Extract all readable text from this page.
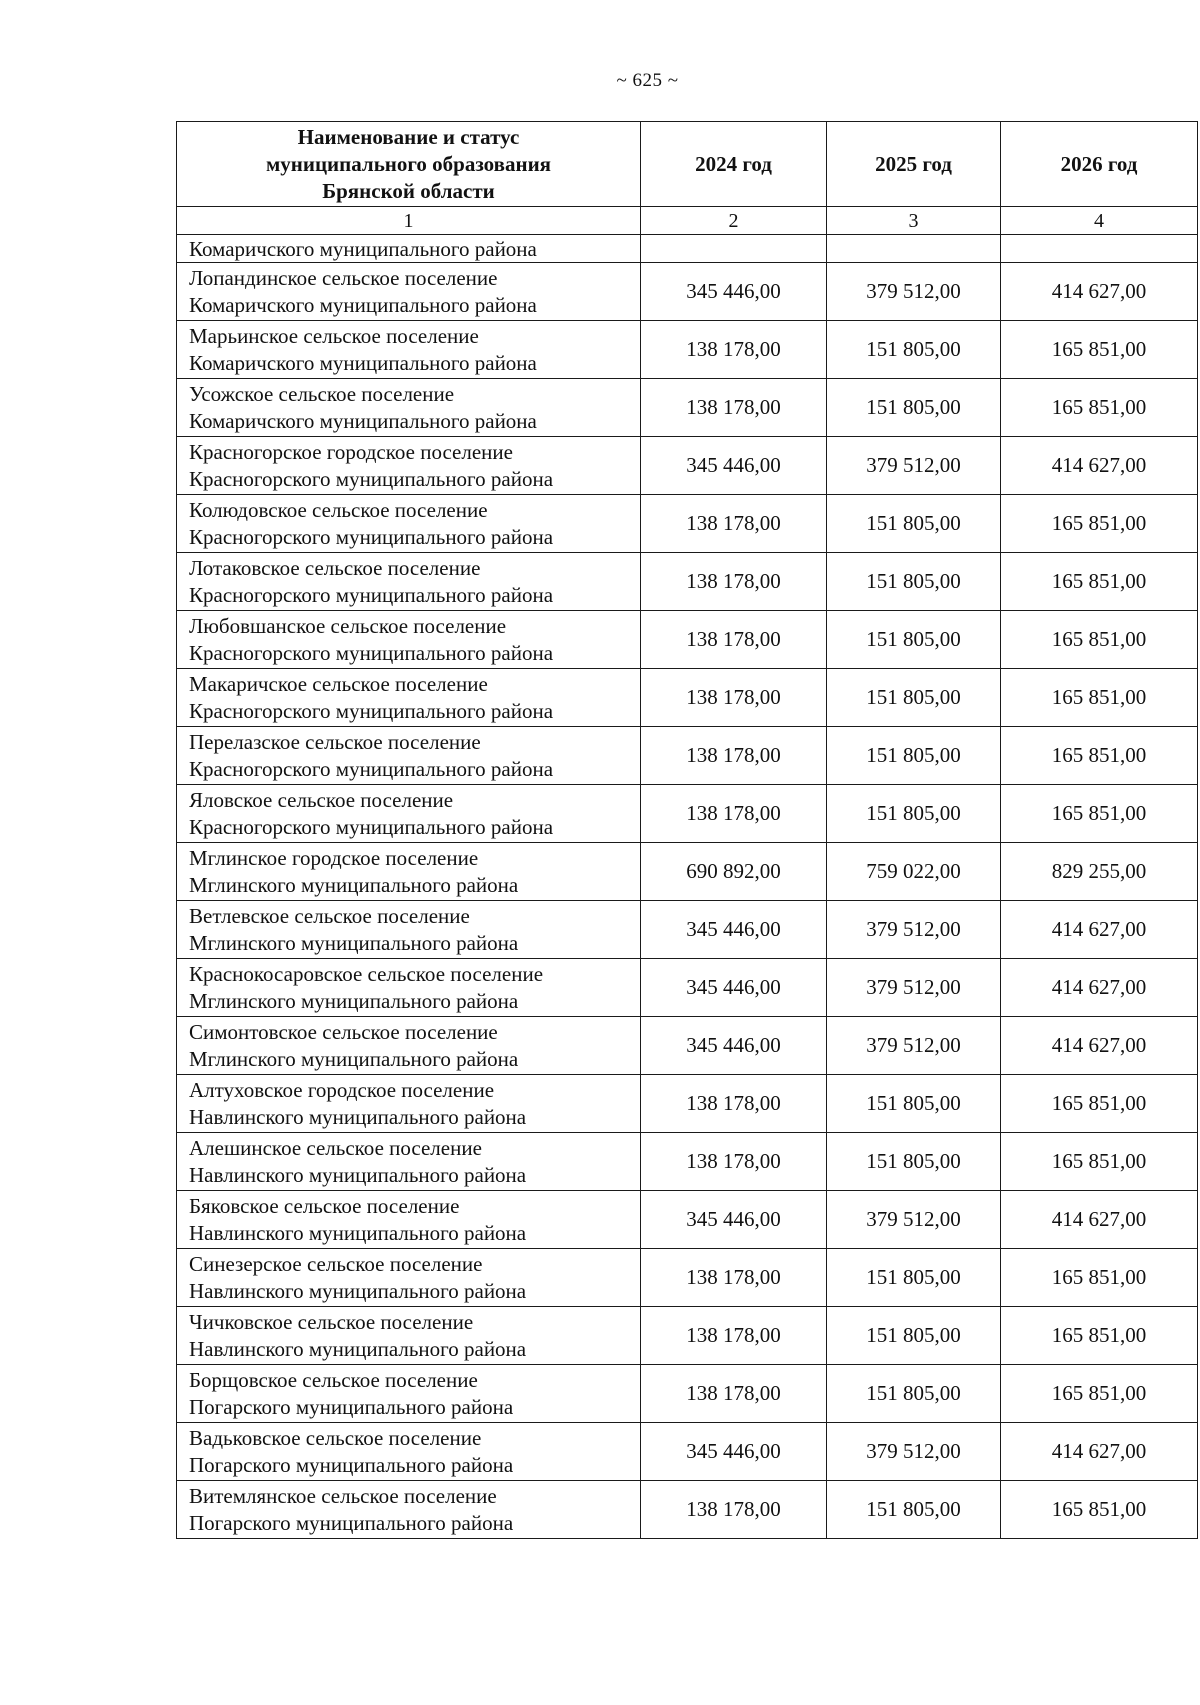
~ 625 ~
Наименование и статус
муниципального образования
Брянской области	2024 год	2025 год	2026 год
1	2	3	4
Комаричского муниципального района			

Лопандинское сельское поселение
Комаричского муниципального района	345 446,00	379 512,00	414 627,00

Марьинское сельское поселение
Комаричского муниципального района	138 178,00	151 805,00	165 851,00

Усожское сельское поселение
Комаричского муниципального района	138 178,00	151 805,00	165 851,00

Красногорское городское поселение
Красногорского муниципального района	345 446,00	379 512,00	414 627,00

Колюдовское сельское поселение
Красногорского муниципального района	138 178,00	151 805,00	165 851,00

Лотаковское сельское поселение
Красногорского муниципального района	138 178,00	151 805,00	165 851,00

Любовшанское сельское поселение
Красногорского муниципального района	138 178,00	151 805,00	165 851,00

Макаричское сельское поселение
Красногорского муниципального района	138 178,00	151 805,00	165 851,00

Перелазское сельское поселение
Красногорского муниципального района	138 178,00	151 805,00	165 851,00

Яловское сельское поселение
Красногорского муниципального района	138 178,00	151 805,00	165 851,00

Мглинское городское поселение
Мглинского муниципального района	690 892,00	759 022,00	829 255,00

Ветлевское сельское поселение
Мглинского муниципального района	345 446,00	379 512,00	414 627,00

Краснокосаровское сельское поселение
Мглинского муниципального района	345 446,00	379 512,00	414 627,00

Симонтовское сельское поселение
Мглинского муниципального района	345 446,00	379 512,00	414 627,00

Алтуховское городское поселение
Навлинского муниципального района	138 178,00	151 805,00	165 851,00

Алешинское сельское поселение
Навлинского муниципального района	138 178,00	151 805,00	165 851,00

Бяковское сельское поселение
Навлинского муниципального района	345 446,00	379 512,00	414 627,00

Синезерское сельское поселение
Навлинского муниципального района	138 178,00	151 805,00	165 851,00

Чичковское сельское поселение
Навлинского муниципального района	138 178,00	151 805,00	165 851,00

Борщовское сельское поселение
Погарского муниципального района	138 178,00	151 805,00	165 851,00

Вадьковское сельское поселение
Погарского муниципального района	345 446,00	379 512,00	414 627,00

Витемлянское сельское поселение
Погарского муниципального района	138 178,00	151 805,00	165 851,00
